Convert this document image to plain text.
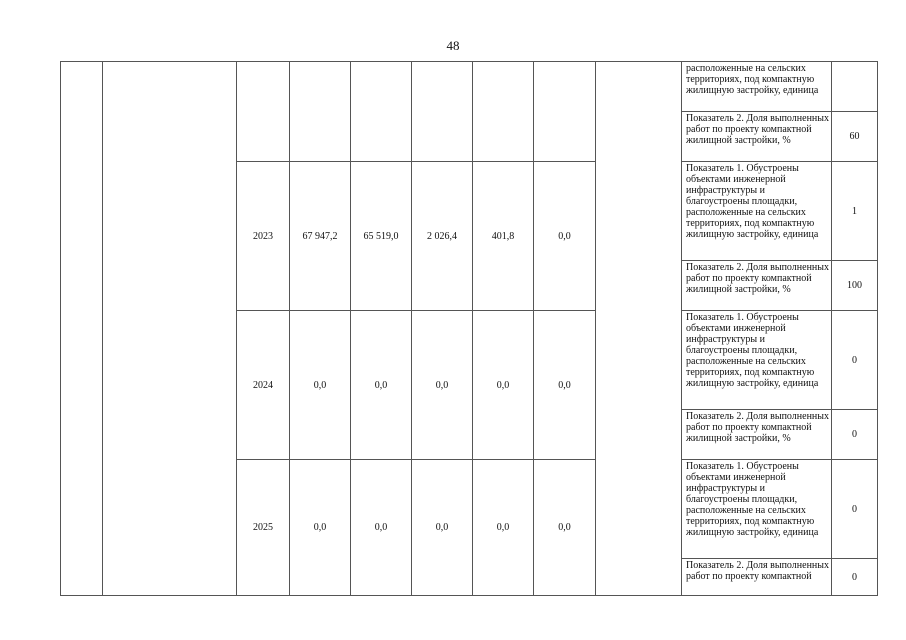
48
									расположенные на сельских территориях, под компактную жилищную застройку, единица	
									Показатель 2. Доля выполненных работ по проекту компактной жилищной застройки, %	60
		2023	67 947,2	65 519,0	2 026,4	401,8	0,0		Показатель 1. Обустроены объектами инженерной инфраструктуры и благоустроены площадки, расположенные на сельских территориях, под компактную жилищную застройку, единица	1
									Показатель 2. Доля выполненных работ по проекту компактной жилищной застройки, %	100
		2024	0,0	0,0	0,0	0,0	0,0		Показатель 1. Обустроены объектами инженерной инфраструктуры и благоустроены площадки, расположенные на сельских территориях, под компактную жилищную застройку, единица	0
									Показатель 2. Доля выполненных работ по проекту компактной жилищной застройки, %	0
		2025	0,0	0,0	0,0	0,0	0,0		Показатель 1. Обустроены объектами инженерной инфраструктуры и благоустроены площадки, расположенные на сельских территориях, под компактную жилищную застройку, единица	0
									Показатель 2. Доля выполненных работ по проекту компактной	0
